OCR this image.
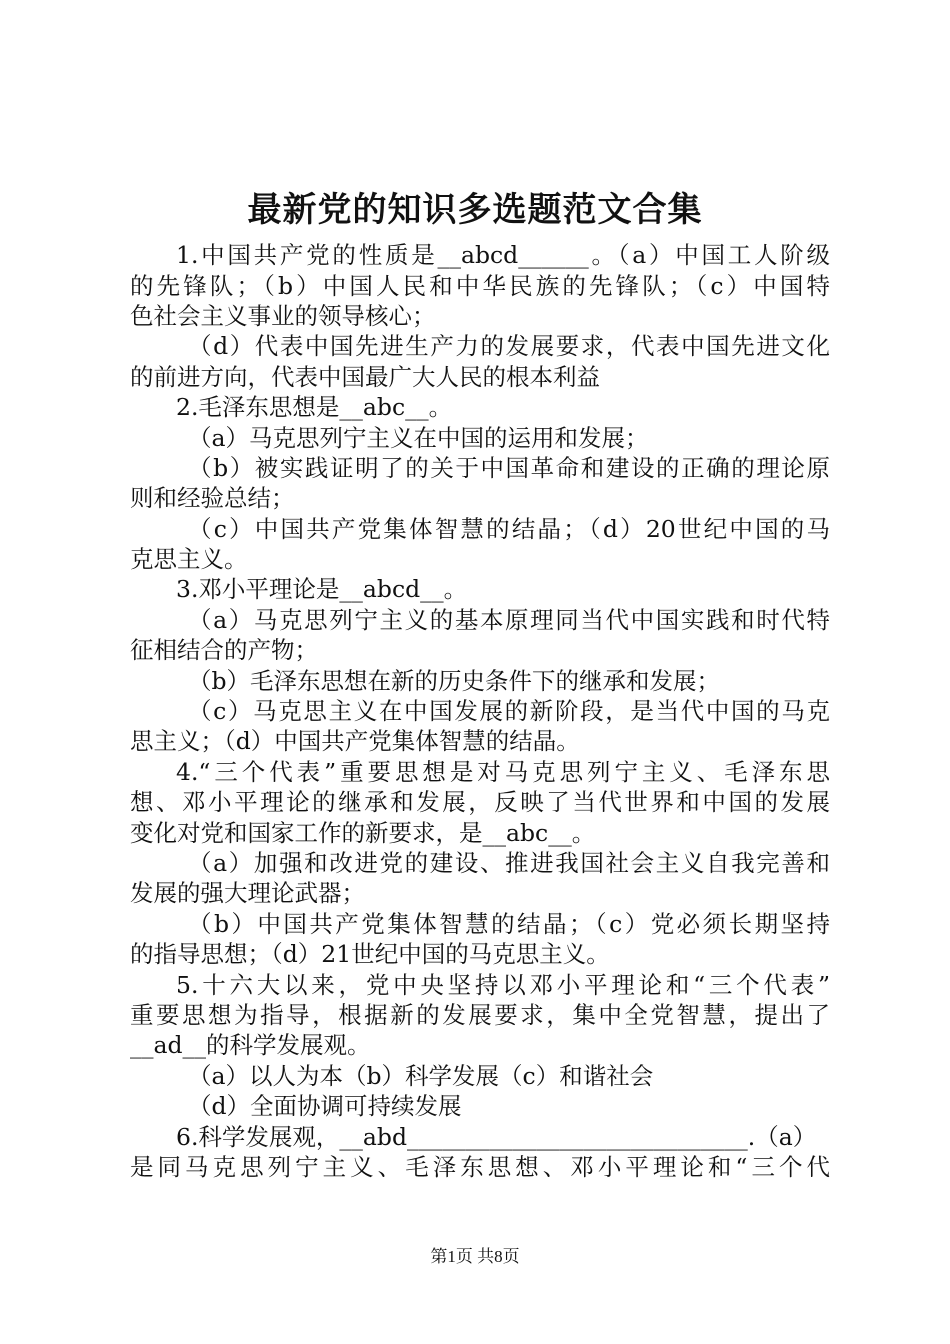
最新党的知识多选题范文合集
1.中国共产党的性质是__abcd______。（a）中国工人阶级
的先锋队；（b）中国人民和中华民族的先锋队；（c）中国特
色社会主义事业的领导核心；
（d）代表中国先进生产力的发展要求，代表中国先进文化
的前进方向，代表中国最广大人民的根本利益
2.毛泽东思想是__abc__。
（a）马克思列宁主义在中国的运用和发展；
（b）被实践证明了的关于中国革命和建设的正确的理论原
则和经验总结；
（c）中国共产党集体智慧的结晶；（d）20世纪中国的马
克思主义。
3.邓小平理论是__abcd__。
（a）马克思列宁主义的基本原理同当代中国实践和时代特
征相结合的产物；
（b）毛泽东思想在新的历史条件下的继承和发展；
（c）马克思主义在中国发展的新阶段，是当代中国的马克
思主义；（d）中国共产党集体智慧的结晶。
4.“三个代表”重要思想是对马克思列宁主义、毛泽东思
想、邓小平理论的继承和发展，反映了当代世界和中国的发展
变化对党和国家工作的新要求，是__abc__。
（a）加强和改进党的建设、推进我国社会主义自我完善和
发展的强大理论武器；
（b）中国共产党集体智慧的结晶；（c）党必须长期坚持
的指导思想；（d）21世纪中国的马克思主义。
5.十六大以来，党中央坚持以邓小平理论和“三个代表”
重要思想为指导，根据新的发展要求，集中全党智慧，提出了
__ad__的科学发展观。
（a）以人为本（b）科学发展（c）和谐社会
（d）全面协调可持续发展
6.科学发展观，__abd_____________________________.（a）
是同马克思列宁主义、毛泽东思想、邓小平理论和“三个代
第1页 共8页
